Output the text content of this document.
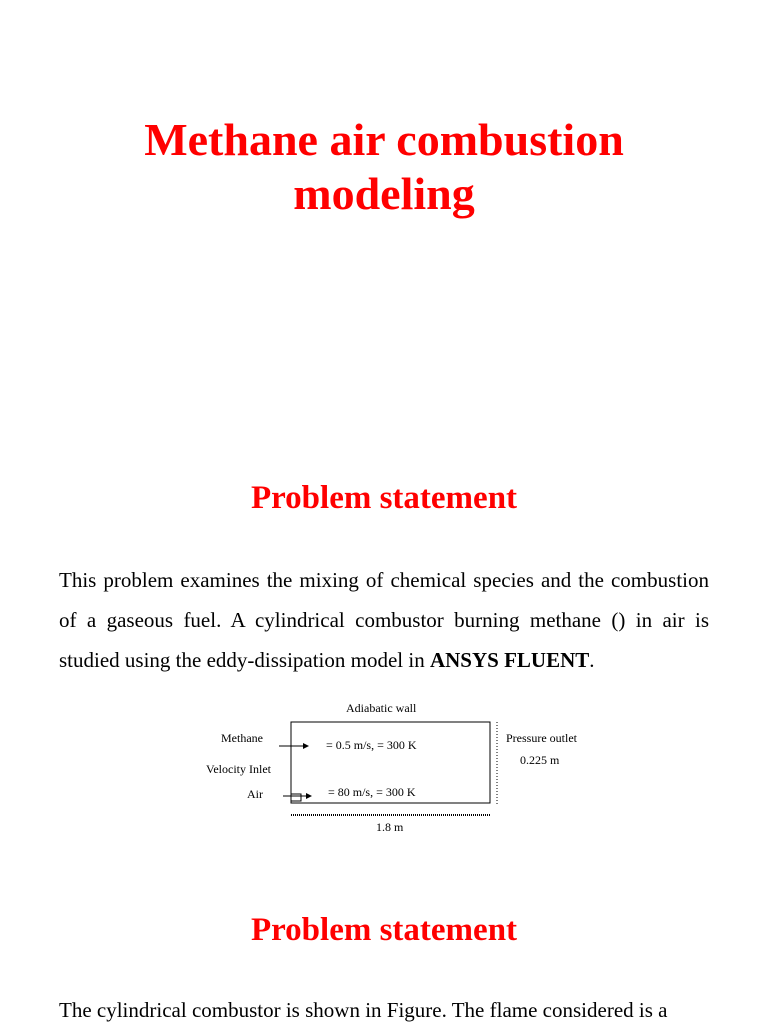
Methane air combustion
modeling
Problem statement

This problem examines the mixing of chemical species and the combustion of a gaseous fuel. A cylindrical combustor burning methane () in air is studied using the eddy-dissipation model in ANSYS FLUENT.

Adiabatic wall
Methane
Velocity Inlet
Air
= 0.5 m/s, = 300 K
= 80 m/s, = 300 K
Pressure outlet
0.225 m
1.8 m
Problem statement

The cylindrical combustor is shown in Figure. The flame considered is a
